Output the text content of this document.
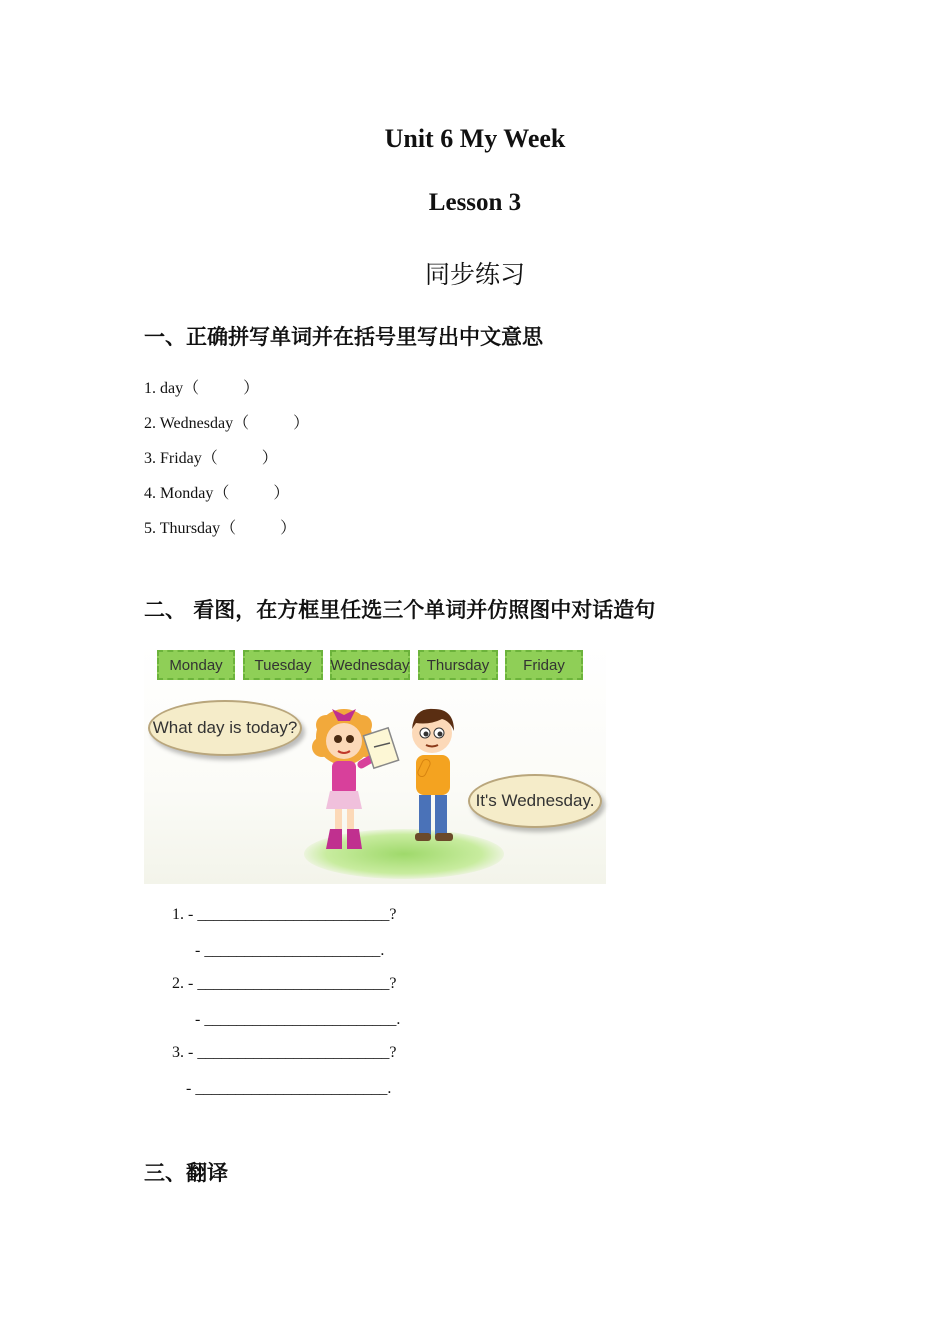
Unit 6 My Week
Lesson 3
同步练习
一、正确拼写单词并在括号里写出中文意思
1. day（           ）
2. Wednesday（           ）
3. Friday（           ）
4. Monday（           ）
5. Thursday（           ）
二、 看图，在方框里任选三个单词并仿照图中对话造句
Monday	Tuesday	Wednesday	Thursday	Friday
What day is today?
It's Wednesday.
1. - ________________________?
- ______________________.
2. - ________________________?
- ________________________.
3. - ________________________?
- ________________________.
三、翻译
